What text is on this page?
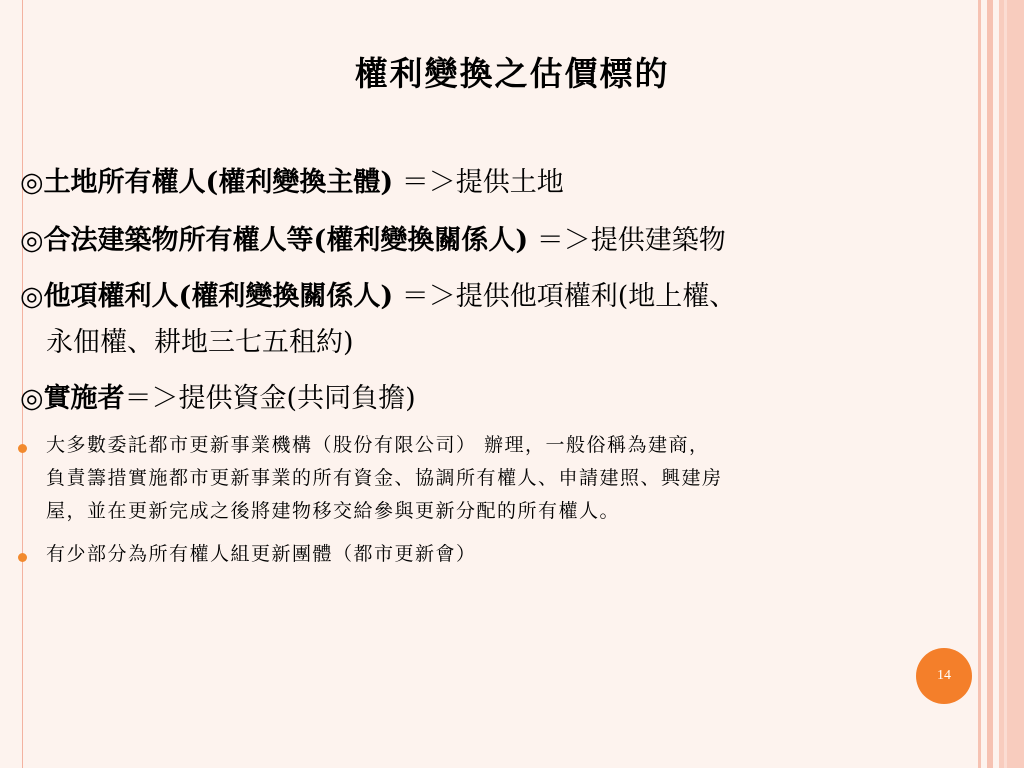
權利變換之估價標的
◎土地所有權人(權利變換主體) ＝＞提供土地
◎合法建築物所有權人等(權利變換關係人) ＝＞提供建築物
◎他項權利人(權利變換關係人) ＝＞提供他項權利(地上權、
永佃權、耕地三七五租約)
◎實施者＝＞提供資金(共同負擔)
大多數委託都市更新事業機構（股份有限公司） 辦理，一般俗稱為建商，
負責籌措實施都市更新事業的所有資金、協調所有權人、申請建照、興建房
屋，並在更新完成之後將建物移交給參與更新分配的所有權人。
有少部分為所有權人組更新團體（都市更新會）
14
